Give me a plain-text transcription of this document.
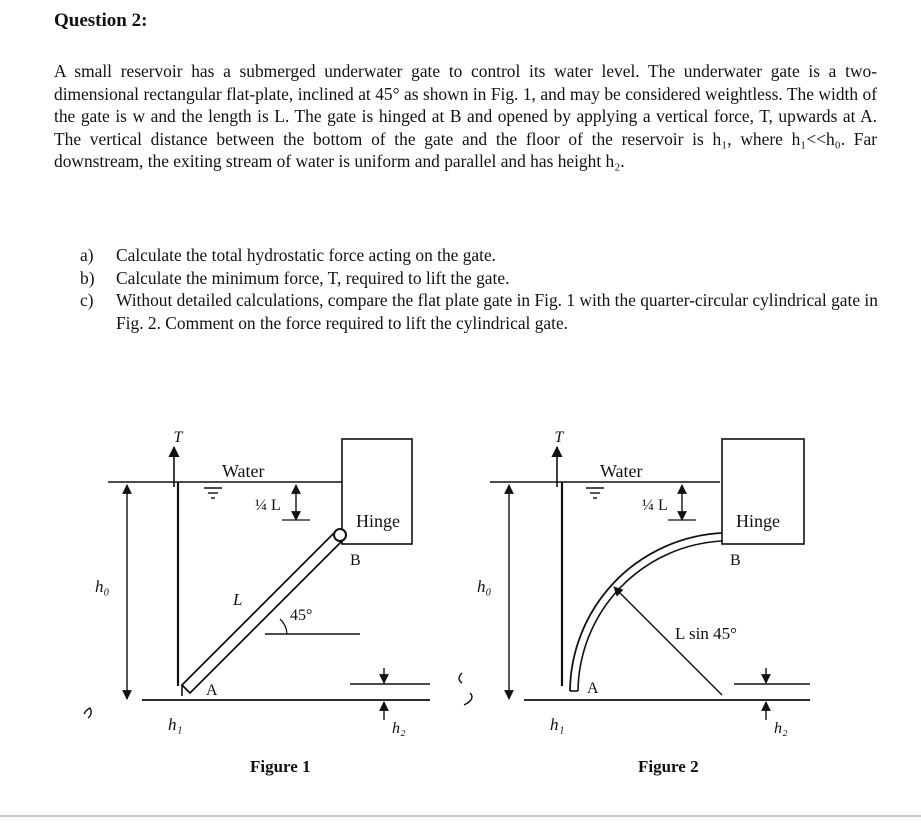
Question 2:

A small reservoir has a submerged underwater gate to control its water level. The underwater gate is a two-dimensional rectangular flat-plate, inclined at 45° as shown in Fig. 1, and may be considered weightless. The width of the gate is w and the length is L. The gate is hinged at B and opened by applying a vertical force, T, upwards at A. The vertical distance between the bottom of the gate and the floor of the reservoir is h₁, where h₁<<h₀. Far downstream, the exiting stream of water is uniform and parallel and has height h₂.

a)	Calculate the total hydrostatic force acting on the gate.
b)	Calculate the minimum force, T, required to lift the gate.
c)	Without detailed calculations, compare the flat plate gate in Fig. 1 with the quarter-circular cylindrical gate in Fig. 2. Comment on the force required to lift the cylindrical gate.
T
Water
¼ L
Hinge
B
h₀
L
45°
A
h₁	h₂
Figure 1
T
Water
¼ L
Hinge
B
h₀
L sin 45°
A
h₁	h₂
Figure 2
